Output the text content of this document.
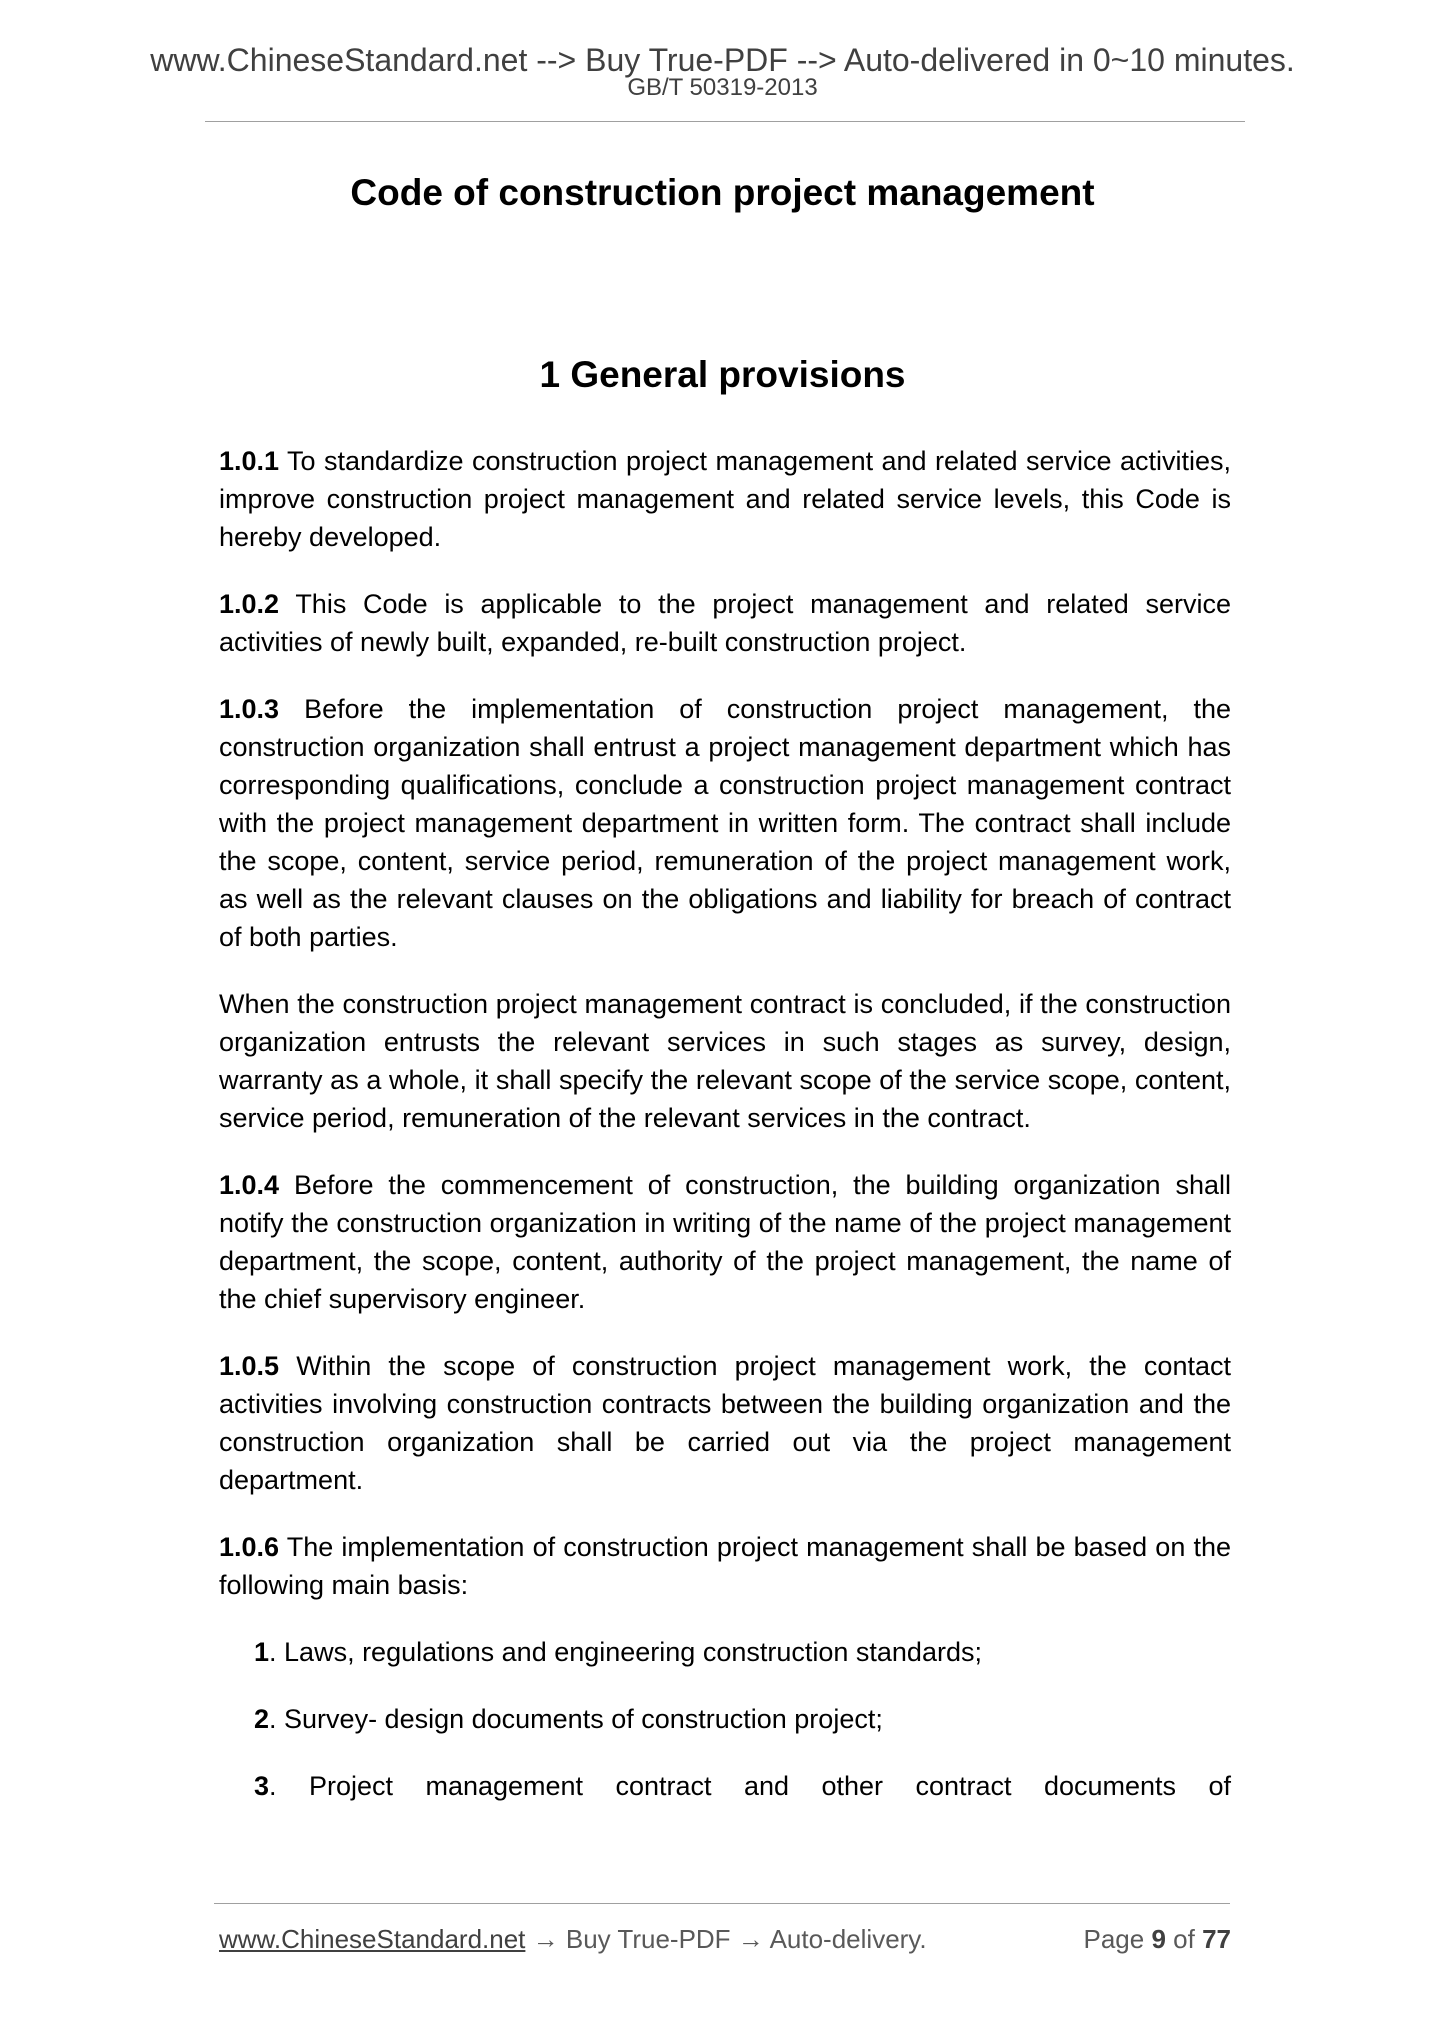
www.ChineseStandard.net --> Buy True-PDF --> Auto-delivered in 0~10 minutes.
GB/T 50319-2013
Code of construction project management
1 General provisions

1.0.1 To standardize construction project management and related service activities, improve construction project management and related service levels, this Code is hereby developed.

1.0.2 This Code is applicable to the project management and related service activities of newly built, expanded, re-built construction project.

1.0.3 Before the implementation of construction project management, the construction organization shall entrust a project management department which has corresponding qualifications, conclude a construction project management contract with the project management department in written form. The contract shall include the scope, content, service period, remuneration of the project management work, as well as the relevant clauses on the obligations and liability for breach of contract of both parties.

When the construction project management contract is concluded, if the construction organization entrusts the relevant services in such stages as survey, design, warranty as a whole, it shall specify the relevant scope of the service scope, content, service period, remuneration of the relevant services in the contract.

1.0.4 Before the commencement of construction, the building organization shall notify the construction organization in writing of the name of the project management department, the scope, content, authority of the project management, the name of the chief supervisory engineer.

1.0.5 Within the scope of construction project management work, the contact activities involving construction contracts between the building organization and the construction organization shall be carried out via the project management department.

1.0.6 The implementation of construction project management shall be based on the following main basis:

1. Laws, regulations and engineering construction standards;

2. Survey- design documents of construction project;

3. Project management contract and other contract documents of

www.ChineseStandard.net → Buy True-PDF → Auto-delivery.	Page 9 of 77
